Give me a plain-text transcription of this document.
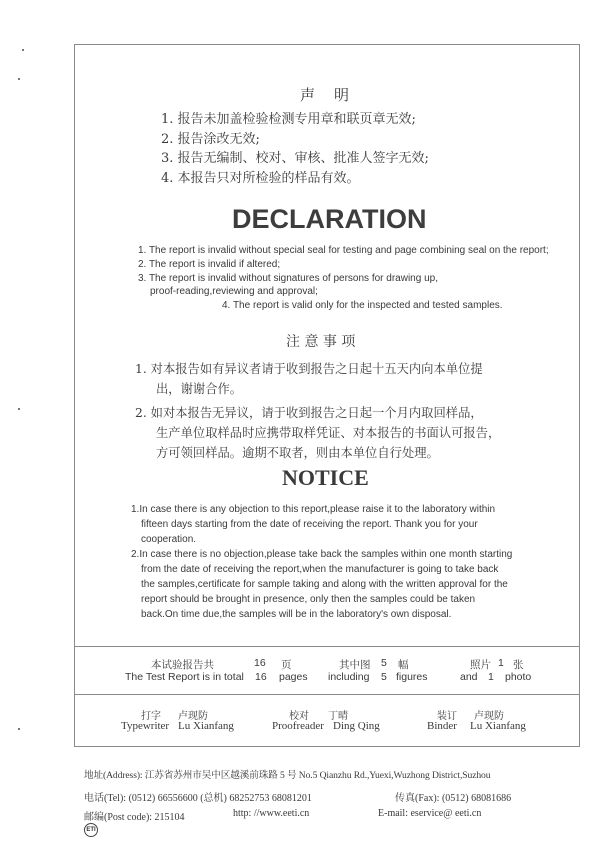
声　明
1. 报告未加盖检验检测专用章和联页章无效;
2. 报告涂改无效;
3. 报告无编制、校对、审核、批准人签字无效;
4. 本报告只对所检验的样品有效。
DECLARATION
1. The report is invalid without special seal for testing and page combining seal on the report;
2. The report is invalid if altered;
3. The report is invalid without signatures of persons for drawing up,
proof-reading,reviewing and approval;
4. The report is valid only for the inspected and tested samples.
注 意 事 项
1. 对本报告如有异议者请于收到报告之日起十五天内向本单位提
出，谢谢合作。
2. 如对本报告无异议，请于收到报告之日起一个月内取回样品，
生产单位取样品时应携带取样凭证、对本报告的书面认可报告，
方可领回样品。逾期不取者，则由本单位自行处理。
NOTICE
1.In case there is any objection to this report,please raise it to the laboratory within
fifteen days starting from the date of receiving the report. Thank you for your
cooperation.
2.In case there is no objection,please take back the samples within one month starting
from the date of receiving the report,when the manufacturer is going to take back
the samples,certificate for sample taking and along with the written approval for the
report should be brought in presence, only then the samples could be taken
back.On time due,the samples will be in the laboratory's own disposal.
本试验报告共	16 页	其中图 5 幅	照片 1 张
The Test Report is in total 16 pages including 5 figures	and 1 photo
打字 卢现防
Typewriter Lu Xianfang
校对 丁晴
Proofreader Ding Qing
装订 卢现防
Binder Lu Xianfang
地址(Address): 江苏省苏州市吴中区越溪前珠路 5 号 No.5 Qianzhu Rd.,Yuexi,Wuzhong District,Suzhou
电话(Tel): (0512) 66556600 (总机) 68252753 68081201	传真(Fax): (0512) 68081686
邮编(Post code): 215104	http: //www.eeti.cn	E-mail: eservice@ eeti.cn
ETI
